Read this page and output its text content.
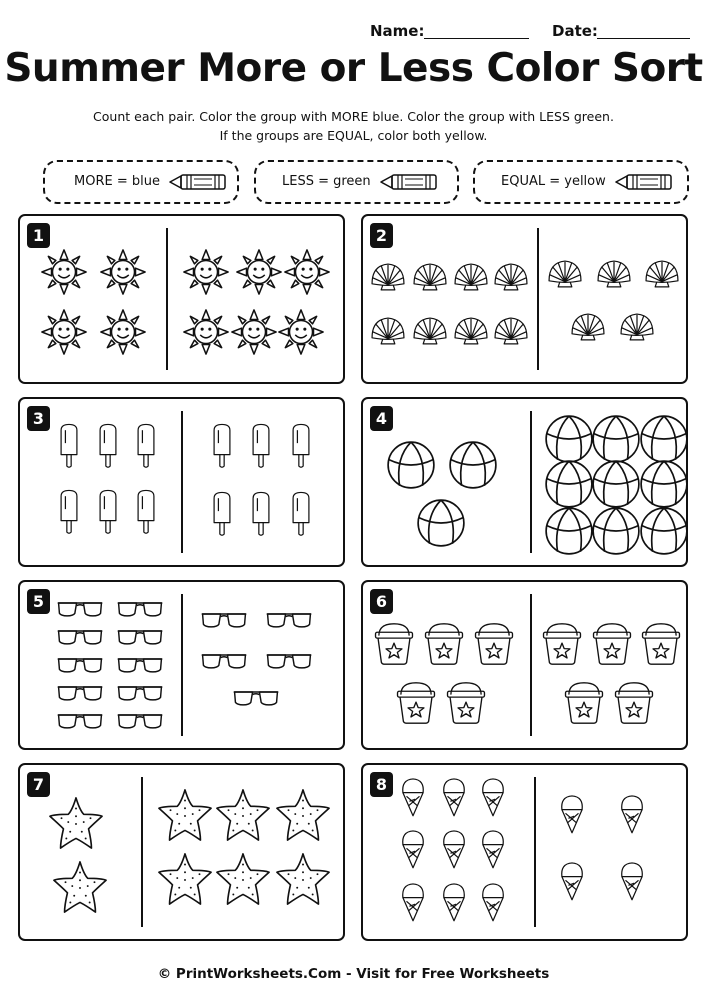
Name:	Date:
Summer More or Less Color Sort
Count each pair. Color the group with MORE blue. Color the group with LESS green.
If the groups are EQUAL, color both yellow.
MORE = blue	LESS = green	EQUAL = yellow
1	2
3	4
5	6
7	8
© PrintWorksheets.Com - Visit for Free Worksheets
